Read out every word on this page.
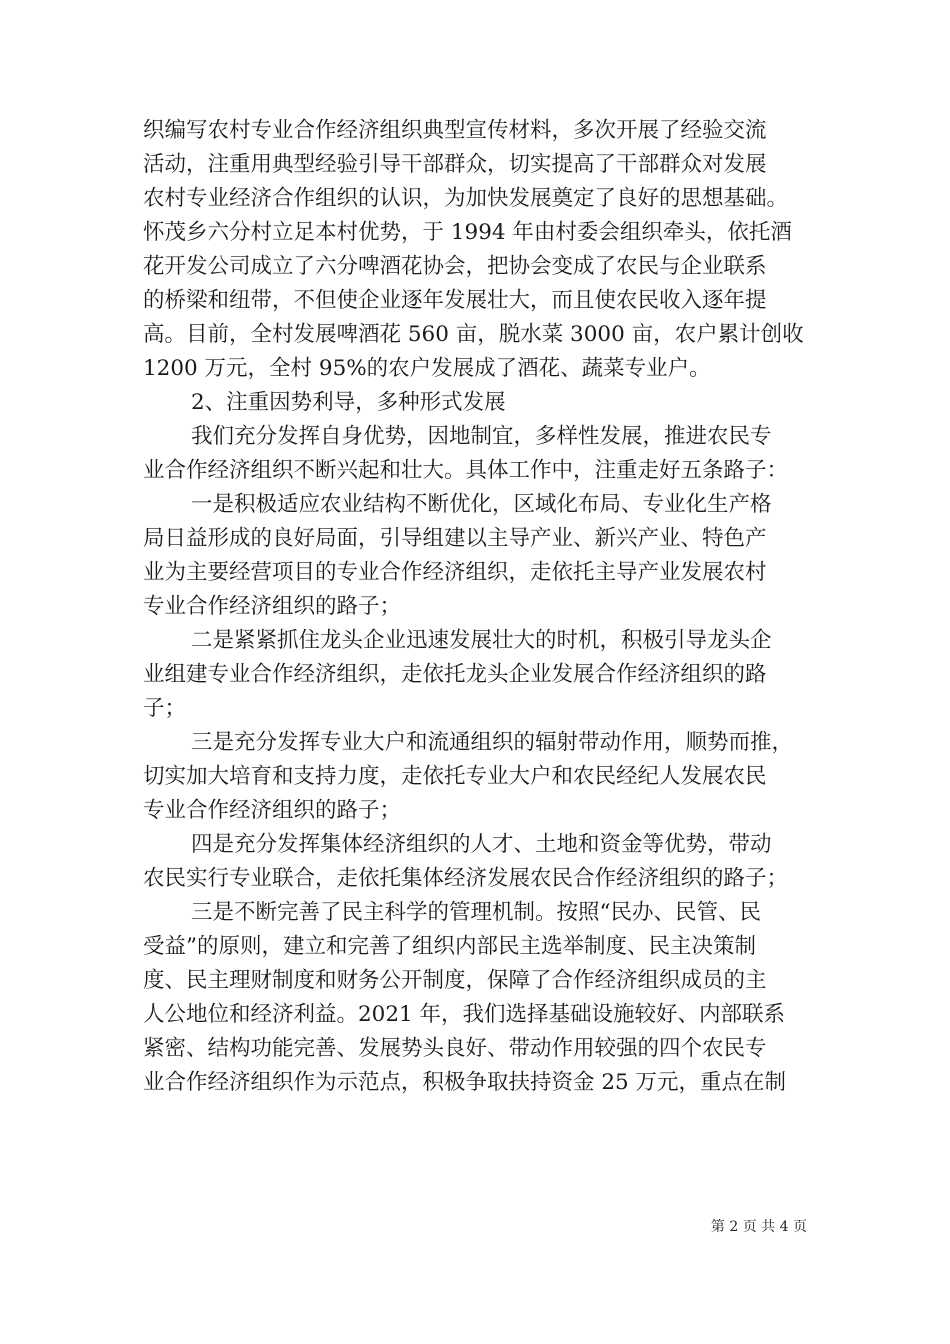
织编写农村专业合作经济组织典型宣传材料，多次开展了经验交流
活动，注重用典型经验引导干部群众，切实提高了干部群众对发展
农村专业经济合作组织的认识，为加快发展奠定了良好的思想基础。
怀茂乡六分村立足本村优势，于 1994 年由村委会组织牵头，依托酒
花开发公司成立了六分啤酒花协会，把协会变成了农民与企业联系
的桥梁和纽带，不但使企业逐年发展壮大，而且使农民收入逐年提
高。目前，全村发展啤酒花 560 亩，脱水菜 3000 亩，农户累计创收
1200 万元，全村 95%的农户发展成了酒花、蔬菜专业户。
2、注重因势利导，多种形式发展
我们充分发挥自身优势，因地制宜，多样性发展，推进农民专
业合作经济组织不断兴起和壮大。具体工作中，注重走好五条路子：
一是积极适应农业结构不断优化，区域化布局、专业化生产格
局日益形成的良好局面，引导组建以主导产业、新兴产业、特色产
业为主要经营项目的专业合作经济组织，走依托主导产业发展农村
专业合作经济组织的路子；
二是紧紧抓住龙头企业迅速发展壮大的时机，积极引导龙头企
业组建专业合作经济组织，走依托龙头企业发展合作经济组织的路
子；
三是充分发挥专业大户和流通组织的辐射带动作用，顺势而推，
切实加大培育和支持力度，走依托专业大户和农民经纪人发展农民
专业合作经济组织的路子；
四是充分发挥集体经济组织的人才、土地和资金等优势，带动
农民实行专业联合，走依托集体经济发展农民合作经济组织的路子；
三是不断完善了民主科学的管理机制。按照“民办、民管、民
受益”的原则，建立和完善了组织内部民主选举制度、民主决策制
度、民主理财制度和财务公开制度，保障了合作经济组织成员的主
人公地位和经济利益。2021 年，我们选择基础设施较好、内部联系
紧密、结构功能完善、发展势头良好、带动作用较强的四个农民专
业合作经济组织作为示范点，积极争取扶持资金 25 万元，重点在制
第 2 页 共 4 页
